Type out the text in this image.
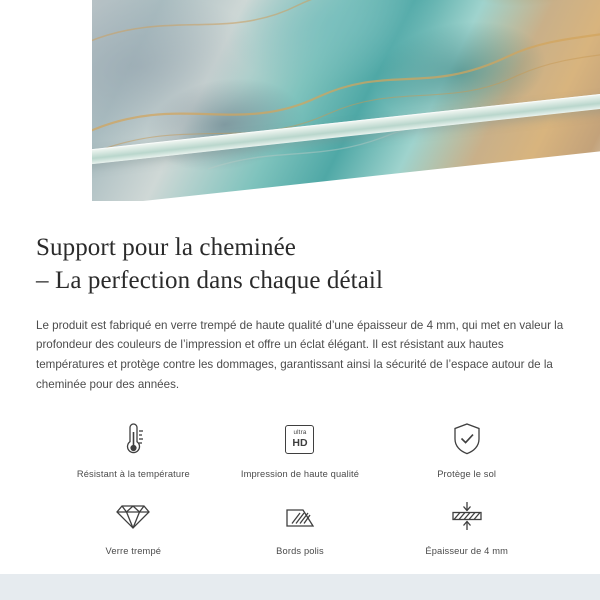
Support pour la cheminée
– La perfection dans chaque détail

Le produit est fabriqué en verre trempé de haute qualité d’une épaisseur de 4 mm, qui met en valeur la profondeur des couleurs de l’impression et offre un éclat élégant. Il est résistant aux hautes températures et protège contre les dommages, garantissant ainsi la sécurité de l’espace autour de la cheminée pour des années.

Résistant à la température
ultra
HD
Impression de haute qualité	Protège le sol
Verre trempé	Bords polis	Épaisseur de 4 mm
